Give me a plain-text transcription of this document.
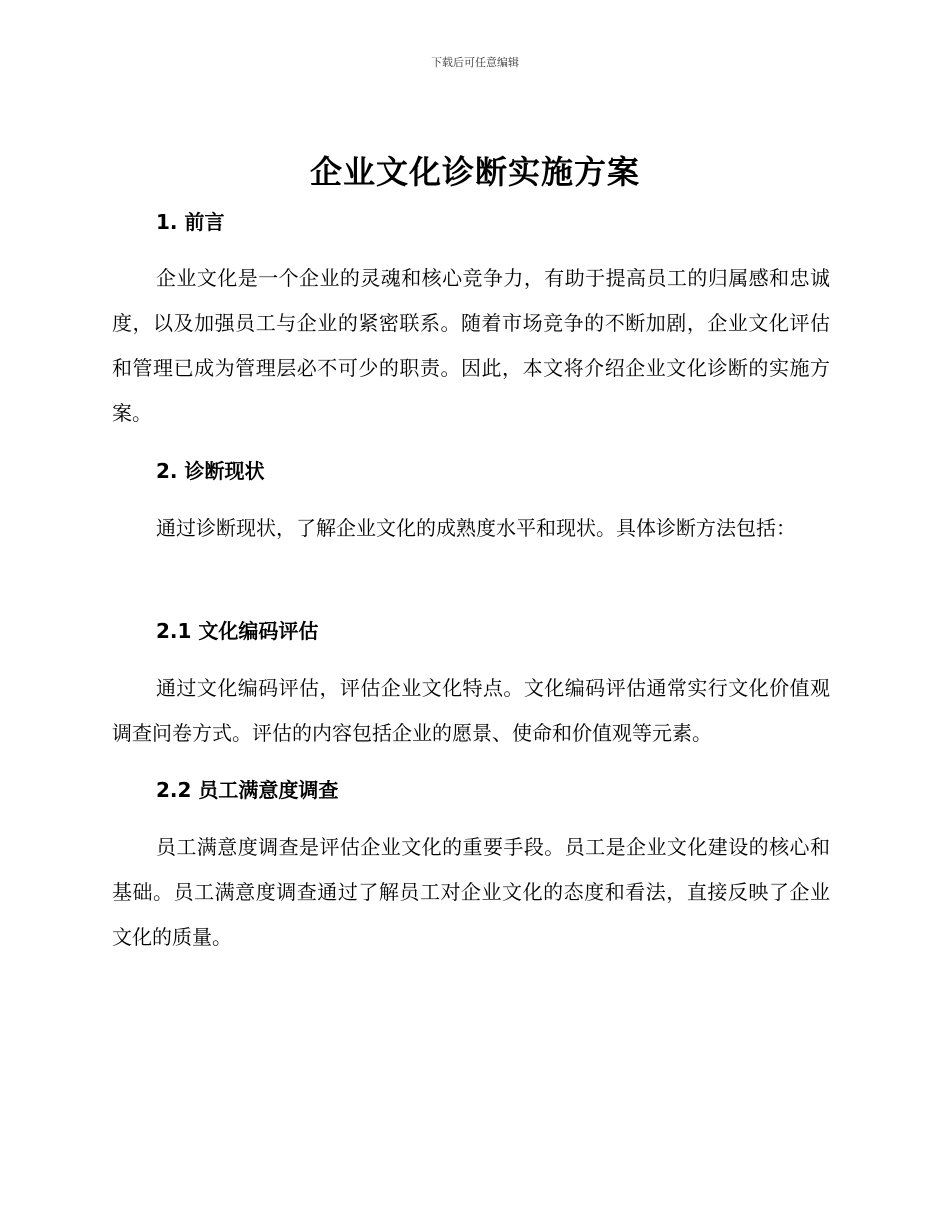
下载后可任意编辑
企业文化诊断实施方案
1. 前言

企业文化是一个企业的灵魂和核心竞争力，有助于提高员工的归属感和忠诚度，以及加强员工与企业的紧密联系。随着市场竞争的不断加剧，企业文化评估和管理已成为管理层必不可少的职责。因此，本文将介绍企业文化诊断的实施方案。

2. 诊断现状

通过诊断现状，了解企业文化的成熟度水平和现状。具体诊断方法包括：

2.1 文化编码评估

通过文化编码评估，评估企业文化特点。文化编码评估通常实行文化价值观调查问卷方式。评估的内容包括企业的愿景、使命和价值观等元素。

2.2 员工满意度调查

员工满意度调查是评估企业文化的重要手段。员工是企业文化建设的核心和基础。员工满意度调查通过了解员工对企业文化的态度和看法，直接反映了企业文化的质量。
